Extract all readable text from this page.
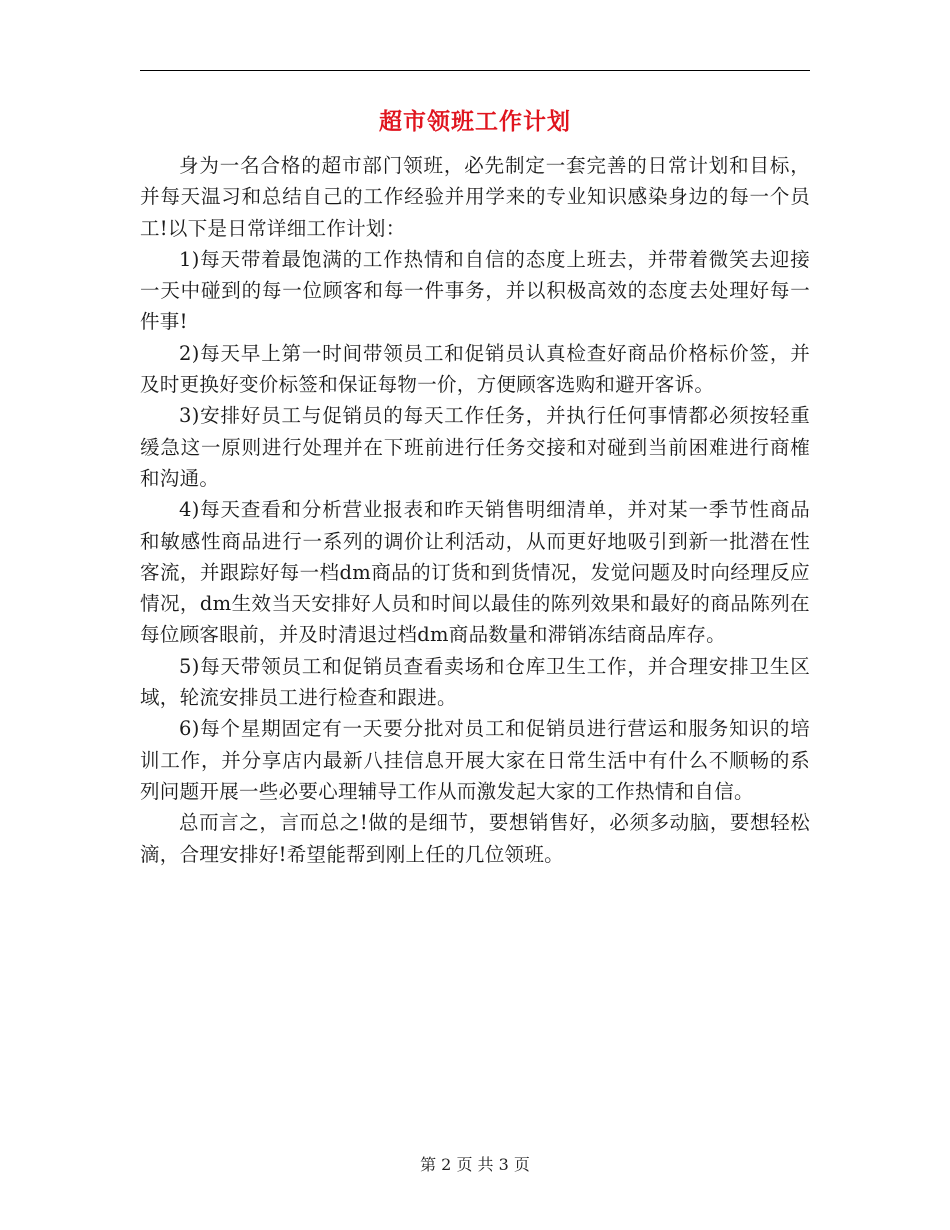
超市领班工作计划

身为一名合格的超市部门领班，必先制定一套完善的日常计划和目标，并每天温习和总结自己的工作经验并用学来的专业知识感染身边的每一个员工!以下是日常详细工作计划：

1)每天带着最饱满的工作热情和自信的态度上班去，并带着微笑去迎接一天中碰到的每一位顾客和每一件事务，并以积极高效的态度去处理好每一件事!

2)每天早上第一时间带领员工和促销员认真检查好商品价格标价签，并及时更换好变价标签和保证每物一价，方便顾客选购和避开客诉。

3)安排好员工与促销员的每天工作任务，并执行任何事情都必须按轻重缓急这一原则进行处理并在下班前进行任务交接和对碰到当前困难进行商榷和沟通。

4)每天查看和分析营业报表和昨天销售明细清单，并对某一季节性商品和敏感性商品进行一系列的调价让利活动，从而更好地吸引到新一批潜在性客流，并跟踪好每一档dm商品的订货和到货情况，发觉问题及时向经理反应情况，dm生效当天安排好人员和时间以最佳的陈列效果和最好的商品陈列在每位顾客眼前，并及时清退过档dm商品数量和滞销冻结商品库存。

5)每天带领员工和促销员查看卖场和仓库卫生工作，并合理安排卫生区域，轮流安排员工进行检查和跟进。

6)每个星期固定有一天要分批对员工和促销员进行营运和服务知识的培训工作，并分享店内最新八挂信息开展大家在日常生活中有什么不顺畅的系列问题开展一些必要心理辅导工作从而激发起大家的工作热情和自信。

总而言之，言而总之!做的是细节，要想销售好，必须多动脑，要想轻松滴，合理安排好!希望能帮到刚上任的几位领班。

第 2 页 共 3 页
